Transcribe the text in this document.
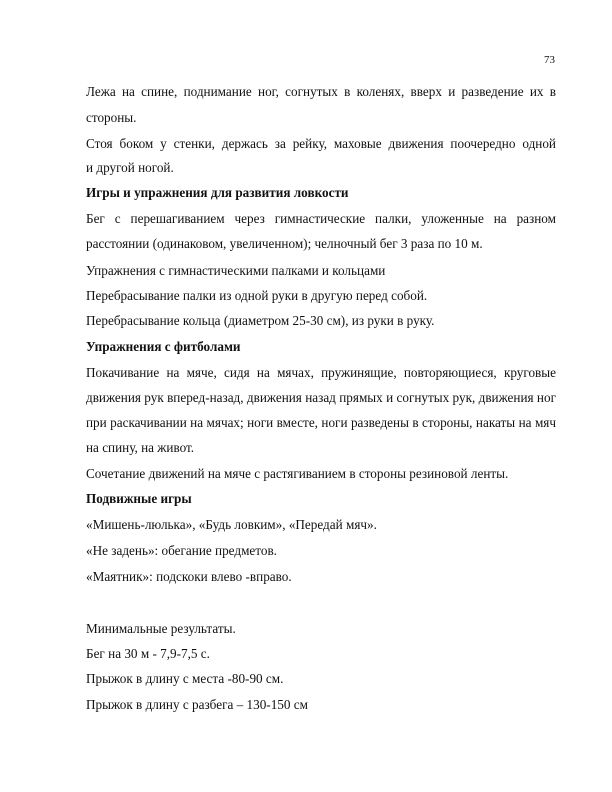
73
Лежа на спине, поднимание ног, согнутых в коленях, вверх и разведение их в
стороны.
Стоя боком у стенки, держась за рейку, маховые движения поочередно одной
и другой ногой.
Игры и упражнения для развития ловкости
Бег с перешагиванием через гимнастические палки, уложенные на разном
расстоянии (одинаковом, увеличенном); челночный бег 3 раза по 10 м.
Упражнения с гимнастическими палками и кольцами
Перебрасывание палки из одной руки в другую перед собой.
Перебрасывание кольца (диаметром 25-30 см), из руки в руку.
Упражнения с фитболами
Покачивание на мяче, сидя на мячах, пружинящие, повторяющиеся, круговые
движения рук вперед-назад, движения назад прямых и согнутых рук, движения ног
при раскачивании на мячах; ноги вместе, ноги разведены в стороны, накаты на мяч
на спину, на живот.
Сочетание движений на мяче с растягиванием в стороны резиновой ленты.
Подвижные игры
«Мишень-люлька», «Будь ловким», «Передай мяч».
«Не задень»: обегание предметов.
«Маятник»: подскоки влево -вправо.
Минимальные результаты.
Бег на 30 м - 7,9-7,5 с.
Прыжок в длину с места -80-90 см.
Прыжок в длину с разбега – 130-150 см
